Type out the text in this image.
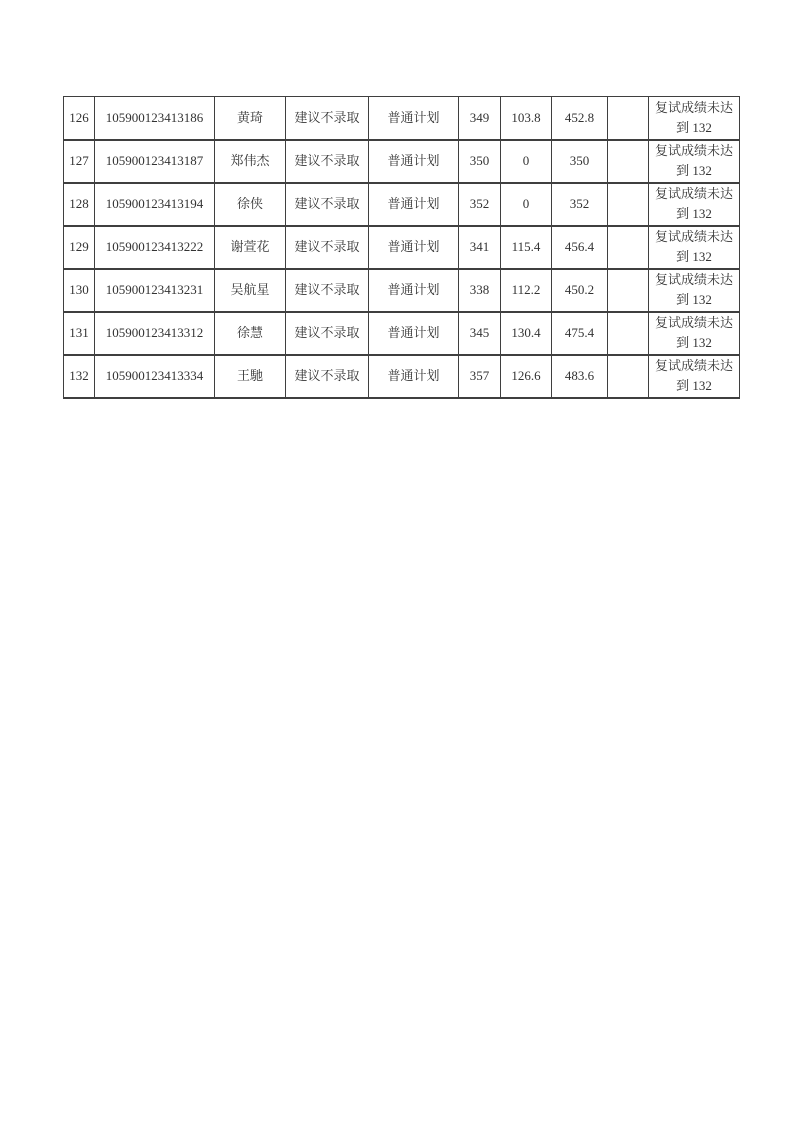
126	105900123413186	黄琦	建议不录取	普通计划	349	103.8	452.8		复试成绩未达到 132
127	105900123413187	郑伟杰	建议不录取	普通计划	350	0	350		复试成绩未达到 132
128	105900123413194	徐侠	建议不录取	普通计划	352	0	352		复试成绩未达到 132
129	105900123413222	谢萱花	建议不录取	普通计划	341	115.4	456.4		复试成绩未达到 132
130	105900123413231	吴航星	建议不录取	普通计划	338	112.2	450.2		复试成绩未达到 132
131	105900123413312	徐慧	建议不录取	普通计划	345	130.4	475.4		复试成绩未达到 132
132	105900123413334	王馳	建议不录取	普通计划	357	126.6	483.6		复试成绩未达到 132
